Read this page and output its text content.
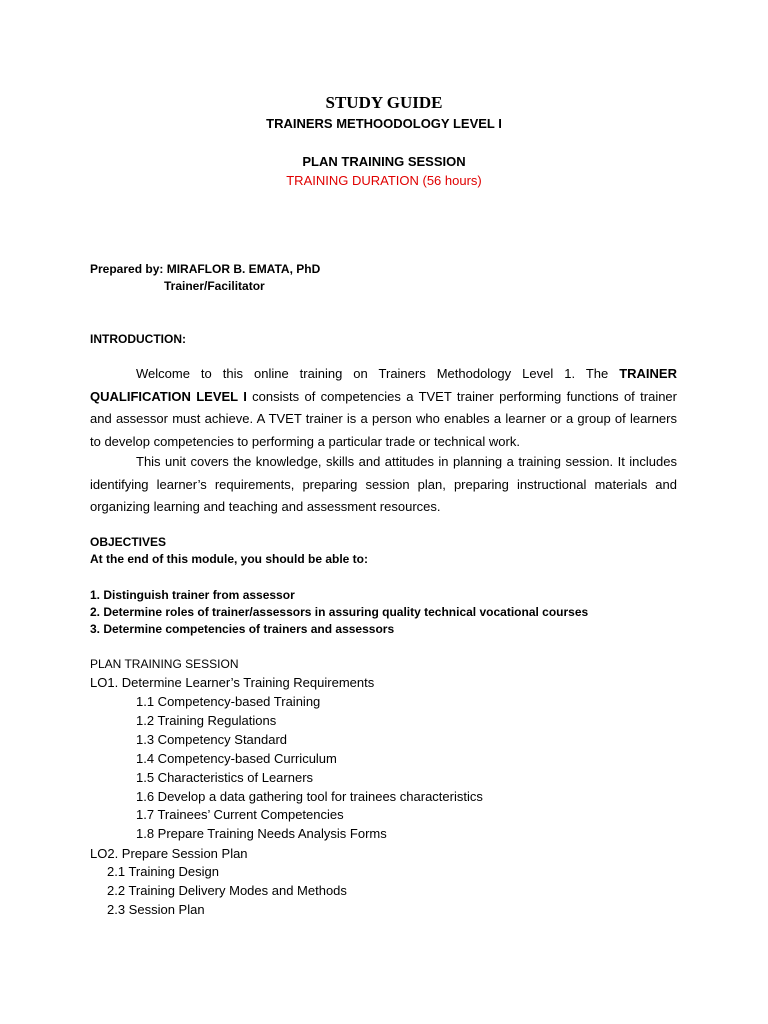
STUDY GUIDE
TRAINERS METHOODOLOGY LEVEL I
PLAN TRAINING SESSION
TRAINING DURATION (56 hours)
Prepared by: MIRAFLOR B. EMATA, PhD
Trainer/Facilitator
INTRODUCTION:
Welcome to this online training on Trainers Methodology Level 1. The TRAINER QUALIFICATION LEVEL I consists of competencies a TVET trainer performing functions of trainer and assessor must achieve. A TVET trainer is a person who enables a learner or a group of learners to develop competencies to performing a particular trade or technical work.
This unit covers the knowledge, skills and attitudes in planning a training session. It includes identifying learner’s requirements, preparing session plan, preparing instructional materials and organizing learning and teaching and assessment resources.
OBJECTIVES
At the end of this module, you should be able to:
1. Distinguish trainer from assessor
2. Determine roles of trainer/assessors in assuring quality technical vocational courses
3. Determine competencies of trainers and assessors
PLAN TRAINING SESSION
LO1. Determine Learner’s Training Requirements
1.1 Competency-based Training
1.2 Training Regulations
1.3 Competency Standard
1.4 Competency-based Curriculum
1.5 Characteristics of Learners
1.6 Develop a data gathering tool for trainees characteristics
1.7 Trainees’ Current Competencies
1.8 Prepare Training Needs Analysis Forms
LO2. Prepare Session Plan
2.1 Training Design
2.2 Training Delivery Modes and Methods
2.3 Session Plan
